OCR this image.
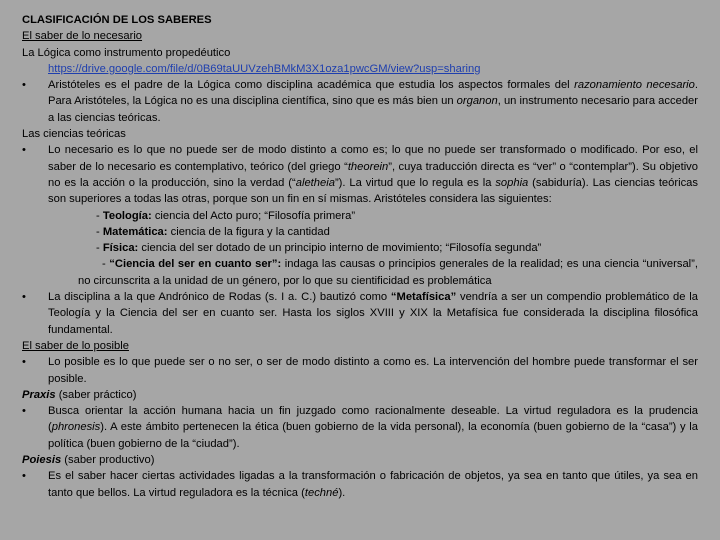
CLASIFICACIÓN DE LOS SABERES
El saber de lo necesario
La Lógica como instrumento propedéutico
https://drive.google.com/file/d/0B69taUUVzehBMkM3X1oza1pwcGM/view?usp=sharing
•	Aristóteles es el padre de la Lógica como disciplina académica que estudia los aspectos formales del razonamiento necesario. Para Aristóteles, la Lógica no es una disciplina científica, sino que es más bien un organon, un instrumento necesario para acceder a las ciencias teóricas.
Las ciencias teóricas
•	Lo necesario es lo que no puede ser de modo distinto a como es; lo que no puede ser transformado o modificado. Por eso, el saber de lo necesario es contemplativo, teórico (del griego “theorein”, cuya traducción directa es “ver” o “contemplar”). Su objetivo no es la acción o la producción, sino la verdad (“aletheia”). La virtud que lo regula es la sophia (sabiduría). Las ciencias teóricas son superiores a todas las otras, porque son un fin en sí mismas. Aristóteles considera las siguientes:
- Teología: ciencia del Acto puro; “Filosofía primera”
- Matemática: ciencia de la figura y la cantidad
- Física: ciencia del ser dotado de un principio interno de movimiento; “Filosofía segunda”
- “Ciencia del ser en cuanto ser”: indaga las causas o principios generales de la realidad; es una ciencia “universal”, no circunscrita a la unidad de un género, por lo que su cientificidad es problemática
•	La disciplina a la que Andrónico de Rodas (s. I a. C.) bautizó como “Metafísica” vendría a ser un compendio problemático de la Teología y la Ciencia del ser en cuanto ser. Hasta los siglos XVIII y XIX la Metafísica fue considerada la disciplina filosófica fundamental.
El saber de lo posible
•	Lo posible es lo que puede ser o no ser, o ser de modo distinto a como es. La intervención del hombre puede transformar el ser posible.
Praxis (saber práctico)
•	Busca orientar la acción humana hacia un fin juzgado como racionalmente deseable. La virtud reguladora es la prudencia (phronesis). A este ámbito pertenecen la ética (buen gobierno de la vida personal), la economía (buen gobierno de la “casa”) y la política (buen gobierno de la “ciudad”).
Poiesis (saber productivo)
•	Es el saber hacer ciertas actividades ligadas a la transformación o fabricación de objetos, ya sea en tanto que útiles, ya sea en tanto que bellos. La virtud reguladora es la técnica (techné).
